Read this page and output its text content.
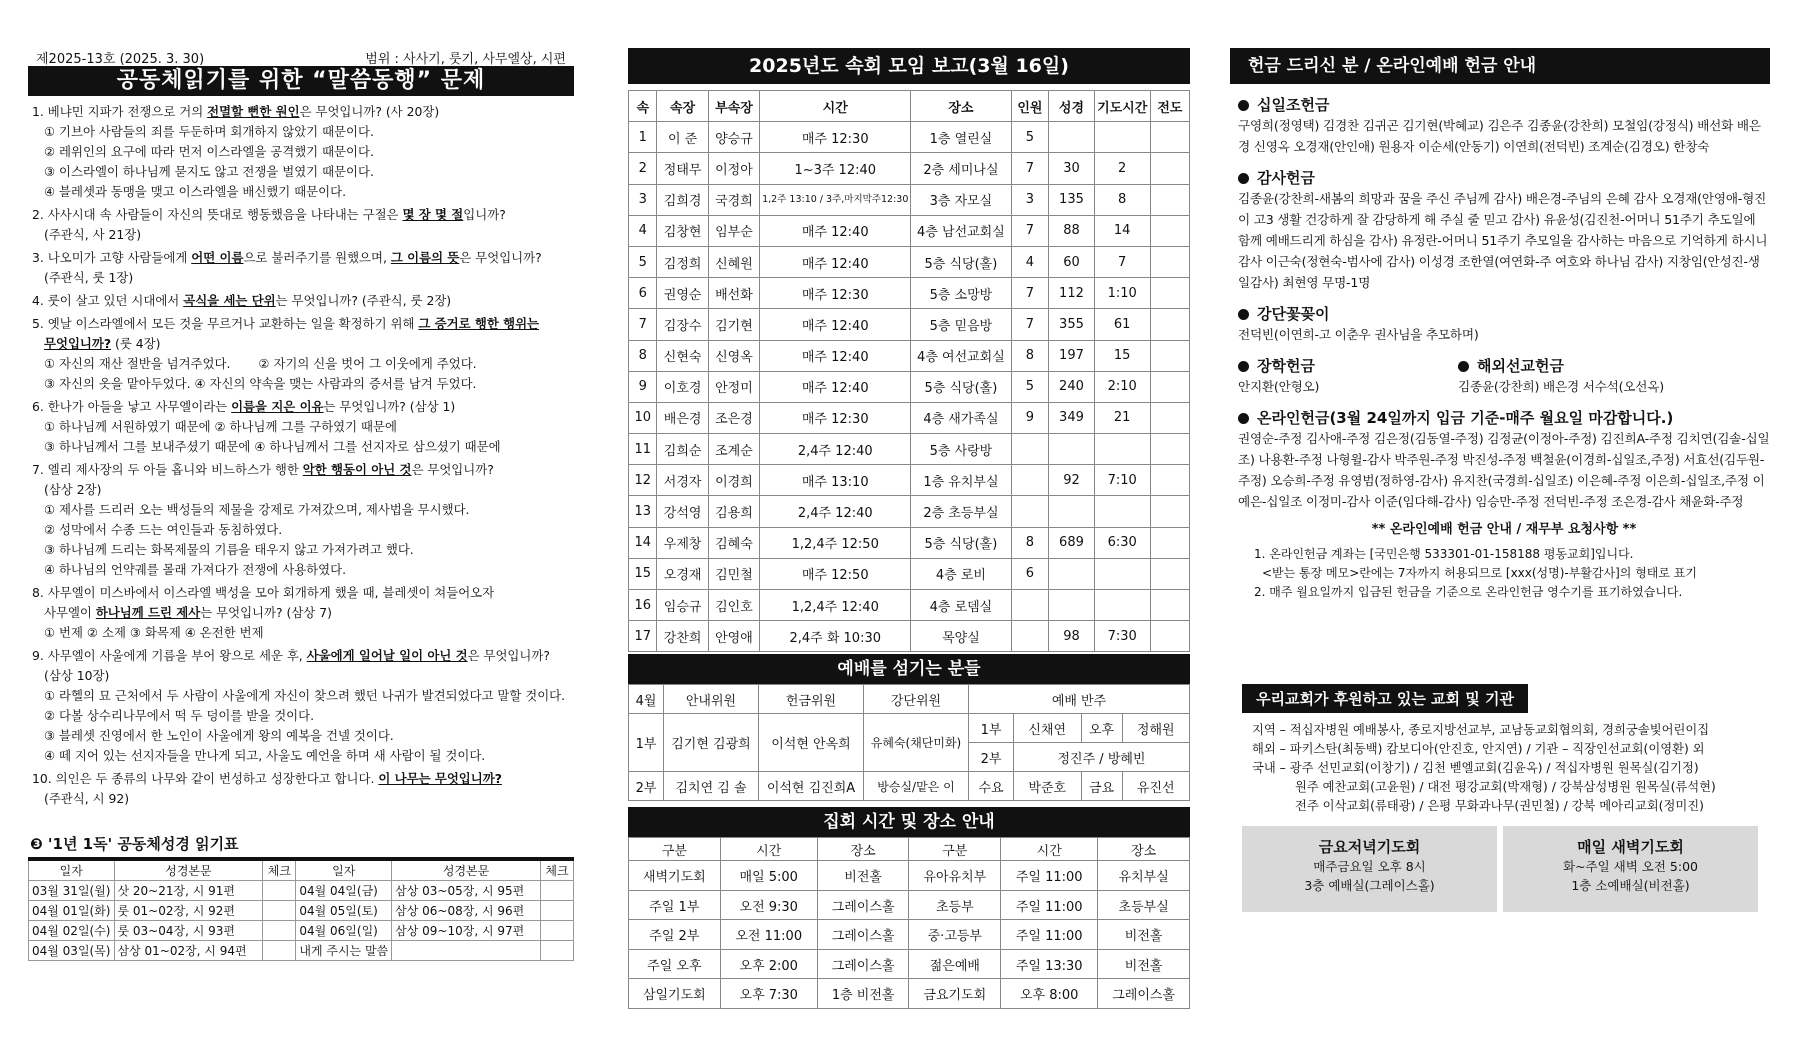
제2025-13호 (2025. 3. 30)	범위 : 사사기, 룻기, 사무엘상, 시편
공동체읽기를 위한 “말씀동행” 문제
1. 베냐민 지파가 전쟁으로 거의 전멸할 뻔한 원인은 무엇입니까? (사 20장)
① 기브아 사람들의 죄를 두둔하며 회개하지 않았기 때문이다.
② 레위인의 요구에 따라 먼저 이스라엘을 공격했기 때문이다.
③ 이스라엘이 하나님께 묻지도 않고 전쟁을 벌였기 때문이다.
④ 블레셋과 동맹을 맺고 이스라엘을 배신했기 때문이다.
2. 사사시대 속 사람들이 자신의 뜻대로 행동했음을 나타내는 구절은 몇 장 몇 절입니까?
(주관식, 사 21장)
3. 나오미가 고향 사람들에게 어떤 이름으로 불러주기를 원했으며, 그 이름의 뜻은 무엇입니까?
(주관식, 룻 1장)
4. 룻이 살고 있던 시대에서 곡식을 세는 단위는 무엇입니까? (주관식, 룻 2장)
5. 옛날 이스라엘에서 모든 것을 무르거나 교환하는 일을 확정하기 위해 그 증거로 행한 행위는
무엇입니까? (룻 4장)
① 자신의 재산 절반을 넘겨주었다. ② 자기의 신을 벗어 그 이웃에게 주었다.
③ 자신의 옷을 맡아두었다. ④ 자신의 약속을 맺는 사람과의 증서를 남겨 두었다.
6. 한나가 아들을 낳고 사무엘이라는 이름을 지은 이유는 무엇입니까? (삼상 1)
① 하나님께 서원하였기 때문에 ② 하나님께 그를 구하였기 때문에
③ 하나님께서 그를 보내주셨기 때문에 ④ 하나님께서 그를 선지자로 삼으셨기 때문에
7. 엘리 제사장의 두 아들 홉니와 비느하스가 행한 악한 행동이 아닌 것은 무엇입니까?
(삼상 2장)
① 제사를 드리러 오는 백성들의 제물을 강제로 가져갔으며, 제사법을 무시했다.
② 성막에서 수종 드는 여인들과 동침하였다.
③ 하나님께 드리는 화목제물의 기름을 태우지 않고 가져가려고 했다.
④ 하나님의 언약궤를 몰래 가져다가 전쟁에 사용하였다.
8. 사무엘이 미스바에서 이스라엘 백성을 모아 회개하게 했을 때, 블레셋이 쳐들어오자
사무엘이 하나님께 드린 제사는 무엇입니까? (삼상 7)
① 번제 ② 소제 ③ 화목제 ④ 온전한 번제
9. 사무엘이 사울에게 기름을 부어 왕으로 세운 후, 사울에게 일어날 일이 아닌 것은 무엇입니까?
(삼상 10장)
① 라헬의 묘 근처에서 두 사람이 사울에게 자신이 찾으려 했던 나귀가 발견되었다고 말할 것이다.
② 다볼 상수리나무에서 떡 두 덩이를 받을 것이다.
③ 블레셋 진영에서 한 노인이 사울에게 왕의 예복을 건넬 것이다.
④ 떼 지어 있는 선지자들을 만나게 되고, 사울도 예언을 하며 새 사람이 될 것이다.
10. 의인은 두 종류의 나무와 같이 번성하고 성장한다고 합니다. 이 나무는 무엇입니까?
(주관식, 시 92)
❸ '1년 1독' 공동체성경 읽기표
일자	성경본문	체크	일자	성경본문	체크
03월 31일(월)	삿 20~21장, 시 91편		04월 04일(금)	삼상 03~05장, 시 95편	
04월 01일(화)	룻 01~02장, 시 92편		04월 05일(토)	삼상 06~08장, 시 96편	
04월 02일(수)	룻 03~04장, 시 93편		04월 06일(일)	삼상 09~10장, 시 97편	
04월 03일(목)	삼상 01~02장, 시 94편		내게 주시는 말씀		
2025년도 속회 모임 보고(3월 16일)
속	속장	부속장	시간	장소	인원	성경	기도시간	전도
1	이 준	양승규	매주 12:30	1층 열린실	5			
2	정태무	이정아	1~3주 12:40	2층 세미나실	7	30	2	
3	김희경	국경희	1,2주 13:10 / 3주,마지막주12:30	3층 자모실	3	135	8	
4	김창현	임부순	매주 12:40	4층 남선교회실	7	88	14	
5	김정희	신혜원	매주 12:40	5층 식당(홀)	4	60	7	
6	권영순	배선화	매주 12:30	5층 소망방	7	112	1:10	
7	김장수	김기현	매주 12:40	5층 믿음방	7	355	61	
8	신현숙	신영옥	매주 12:40	4층 여선교회실	8	197	15	
9	이호경	안정미	매주 12:40	5층 식당(홀)	5	240	2:10	
10	배은경	조은경	매주 12:30	4층 새가족실	9	349	21	
11	김희순	조계순	2,4주 12:40	5층 사랑방				
12	서경자	이경희	매주 13:10	1층 유치부실		92	7:10	
13	강석영	김용희	2,4주 12:40	2층 초등부실				
14	우제창	김혜숙	1,2,4주 12:50	5층 식당(홀)	8	689	6:30	
15	오경재	김민철	매주 12:50	4층 로비	6			
16	임승규	김인호	1,2,4주 12:40	4층 로뎀실				
17	강찬희	안영애	2,4주 화 10:30	목양실		98	7:30	
예배를 섬기는 분들
4월	안내위원	헌금위원	강단위원	예배 반주			
1부	김기현 김광희	이석현 안옥희	유혜숙(채단미화)	1부	신채연	오후	정해원
				2부	정진주 / 방혜빈		
2부	김치연 김 솔	이석현 김진희A	방승실/맡은 이	수요	박준호	금요	유진선
집회 시간 및 장소 안내
구분	시간	장소	구분	시간	장소
새벽기도회	매일 5:00	비전홀	유아유치부	주일 11:00	유치부실
주일 1부	오전 9:30	그레이스홀	초등부	주일 11:00	초등부실
주일 2부	오전 11:00	그레이스홀	중·고등부	주일 11:00	비전홀
주일 오후	오후 2:00	그레이스홀	젊은예배	주일 13:30	비전홀
삼일기도회	오후 7:30	1층 비전홀	금요기도회	오후 8:00	그레이스홀
헌금 드리신 분 / 온라인예배 헌금 안내
십일조헌금
구영희(정영택) 김경찬 김귀곤 김기현(박혜교) 김은주 김종윤(강찬희) 모철임(강정식) 배선화 배은경 신영옥 오경재(안인애) 원용자 이순세(안동기) 이연희(전덕빈) 조계순(김경오) 한창숙
감사헌금
김종윤(강찬희-새봄의 희망과 꿈을 주신 주님께 감사) 배은경-주님의 은혜 감사 오경재(안영애-형진이 고3 생활 건강하게 잘 감당하게 해 주실 줄 믿고 감사) 유윤성(김진천-어머니 51주기 추도일에 함께 예배드리게 하심을 감사) 유정란-어머니 51주기 추모일을 감사하는 마음으로 기억하게 하시니 감사 이근숙(정현숙-범사에 감사) 이성경 조한열(여연화-주 여호와 하나님 감사) 지창임(안성진-생일감사) 최현영 무명-1명
강단꽃꽂이
전덕빈(이연희-고 이춘우 권사님을 추모하며)
장학헌금
안지환(안형오)
해외선교헌금
김종윤(강찬희) 배은경 서수석(오선옥)
온라인헌금(3월 24일까지 입금 기준-매주 월요일 마감합니다.)
권영순-주정 김사애-주정 김은정(김동열-주정) 김정균(이정아-주정) 김진희A-주정 김치연(김솔-십일조) 나용환-주정 나형윌-감사 박주원-주정 박진성-주정 백철윤(이경희-십일조,주정) 서효선(김두원-주정) 오승희-주정 유영범(정하영-감사) 유지찬(국경희-십일조) 이은혜-주정 이은희-십일조,주정 이예은-십일조 이정미-감사 이준(임다해-감사) 임승만-주정 전덕빈-주정 조은경-감사 채윤화-주정
** 온라인예배 헌금 안내 / 재무부 요청사항 **
1. 온라인헌금 계좌는 [국민은행 533301-01-158188 평동교회]입니다.
<받는 통장 메모>란에는 7자까지 허용되므로 [xxx(성명)-부활감사]의 형태로 표기
2. 매주 월요일까지 입금된 헌금을 기준으로 온라인헌금 영수기를 표기하였습니다.
우리교회가 후원하고 있는 교회 및 기관
지역 – 적십자병원 예배봉사, 종로지방선교부, 교남동교회협의회, 경희궁솔빛어린이집
해외 – 파키스탄(최동백) 캄보디아(안진호, 안지연) / 기관 – 직장인선교회(이영환) 외
국내 – 광주 선민교회(이창기) / 김천 벧엘교회(김윤옥) / 적십자병원 원목실(김기정)
원주 예찬교회(고윤원) / 대전 평강교회(박재형) / 강북삼성병원 원목실(류석현)
전주 이삭교회(류태광) / 은평 무화과나무(권민철) / 강북 메아리교회(정미진)
금요저녁기도회
매주금요일 오후 8시
3층 예배실(그레이스홀)
매일 새벽기도회
화~주일 새벽 오전 5:00
1층 소예배실(비전홀)
